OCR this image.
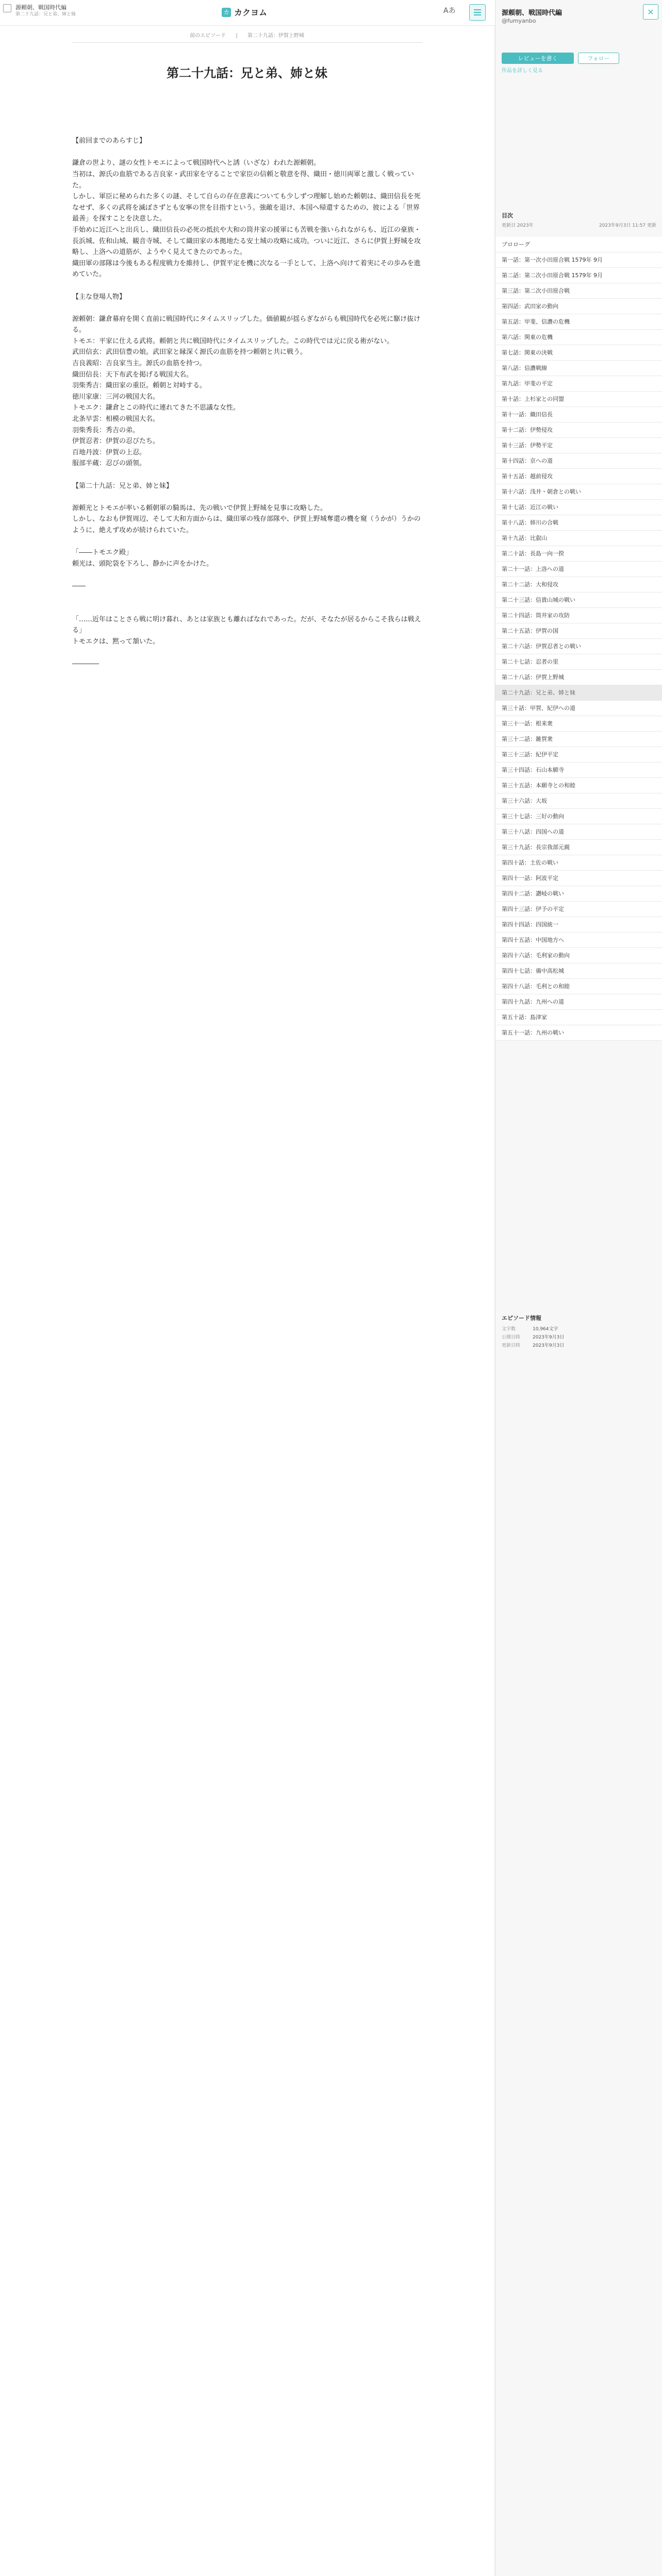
源頼朝、戦国時代編
第二十九話：兄と弟、姉と妹	カ カクヨム	Aあ
前のエピソード | 第二十九話：伊賀上野城
第二十九話：兄と弟、姉と妹

【前回までのあらすじ】

鎌倉の世より、謎の女性トモエによって戦国時代へと誘（いざな）われた源頼朝。
当初は、源氏の血筋である吉良家・武田家を守ることで家臣の信頼と敬意を得、織田・徳川両軍と激しく戦っていた。
しかし、軍臣に秘められた多くの謎、そして自らの存在意義についても少しずつ理解し始めた頼朝は、織田信長を死なせず、多くの武将を滅ぼさずとも安寧の世を目指すという。強敵を退け、本国へ帰還するための、彼による「世界最善」を探すことを決意した。
手始めに近江へと出兵し、織田信長の必死の抵抗や大和の筒井家の援軍にも苦戦を強いられながらも、近江の豪族・長浜城、佐和山城、観音寺城、そして織田家の本拠地たる安土城の攻略に成功。ついに近江、さらに伊賀上野城を攻略し、上洛への道筋が、ようやく見えてきたのであった。
織田軍の部隊は今後もある程度戦力を維持し、伊賀平定を機に次なる一手として、上洛へ向けて着実にその歩みを進めていた。

【主な登場人物】

源頼朝：鎌倉幕府を開く直前に戦国時代にタイムスリップした。価値観が揺らぎながらも戦国時代を必死に駆け抜ける。
トモエ：平家に仕える武将。頼朝と共に戦国時代にタイムスリップした。この時代では元に戻る術がない。
武田信玄：武田信豊の娘。武田家と縁深く源氏の血筋を持つ頼朝と共に戦う。
吉良義昭：吉良家当主。源氏の血筋を持つ。
織田信長：天下布武を掲げる戦国大名。
羽柴秀吉：織田家の重臣。頼朝と対峙する。
徳川家康：三河の戦国大名。
トモエク：鎌倉とこの時代に連れてきた不思議な女性。
北条早雲：相模の戦国大名。
羽柴秀長：秀吉の弟。
伊賀忍者：伊賀の忍びたち。
百地丹波：伊賀の上忍。
服部半蔵：忍びの頭領。

【第二十九話：兄と弟、姉と妹】

源頼光とトモエが率いる頼朝軍の騎馬は、先の戦いで伊賀上野城を見事に攻略した。
しかし、なおも伊賀周辺、そして大和方面からは、織田軍の残存部隊や、伊賀上野城奪還の機を窺（うかが）うかのように、絶えず攻めが続けられていた。

「――トモエク殿」
頼光は、頭陀袋を下ろし、静かに声をかけた。

――

「……近年はことさら戦に明け暮れ、あとは家族とも離ればなれであった。だが、そなたが居るからこそ我らは戦える」
トモエクは、黙って頷いた。

――――

✕
源頼朝、戦国時代編
@fumyanbo
レビューを書く	フォロー
作品を詳しく見る
目次
更新日 2023年	2023年9月3日 11:57 更新
プロローグ
第一話：第一次小田原合戦 1579年 9月
第二話：第二次小田原合戦 1579年 9月
第三話：第二次小田原合戦
第四話：武田家の動向
第五話：甲斐、信濃の危機
第六話：関東の危機
第七話：関東の決戦
第八話：信濃戦線
第九話：甲斐の平定
第十話：上杉家との同盟
第十一話：織田信長
第十二話：伊勢侵攻
第十三話：伊勢平定
第十四話：京への道
第十五話：越前侵攻
第十六話：浅井・朝倉との戦い
第十七話：近江の戦い
第十八話：姉川の合戦
第十九話：比叡山
第二十話：長島一向一揆
第二十一話：上洛への道
第二十二話：大和侵攻
第二十三話：信貴山城の戦い
第二十四話：筒井家の攻防
第二十五話：伊賀の国
第二十六話：伊賀忍者との戦い
第二十七話：忍者の里
第二十八話：伊賀上野城
第二十九話：兄と弟、姉と妹
第三十話：甲賀、紀伊への道
第三十一話：根来衆
第三十二話：雑賀衆
第三十三話：紀伊平定
第三十四話：石山本願寺
第三十五話：本願寺との和睦
第三十六話：大坂
第三十七話：三好の動向
第三十八話：四国への道
第三十九話：長宗我部元親
第四十話：土佐の戦い
第四十一話：阿波平定
第四十二話：讃岐の戦い
第四十三話：伊予の平定
第四十四話：四国統一
第四十五話：中国地方へ
第四十六話：毛利家の動向
第四十七話：備中高松城
第四十八話：毛利との和睦
第四十九話：九州への道
第五十話：島津家
第五十一話：九州の戦い
エピソード情報
文字数	10,964文字
公開日時	2023年9月3日
更新日時	2023年9月3日
